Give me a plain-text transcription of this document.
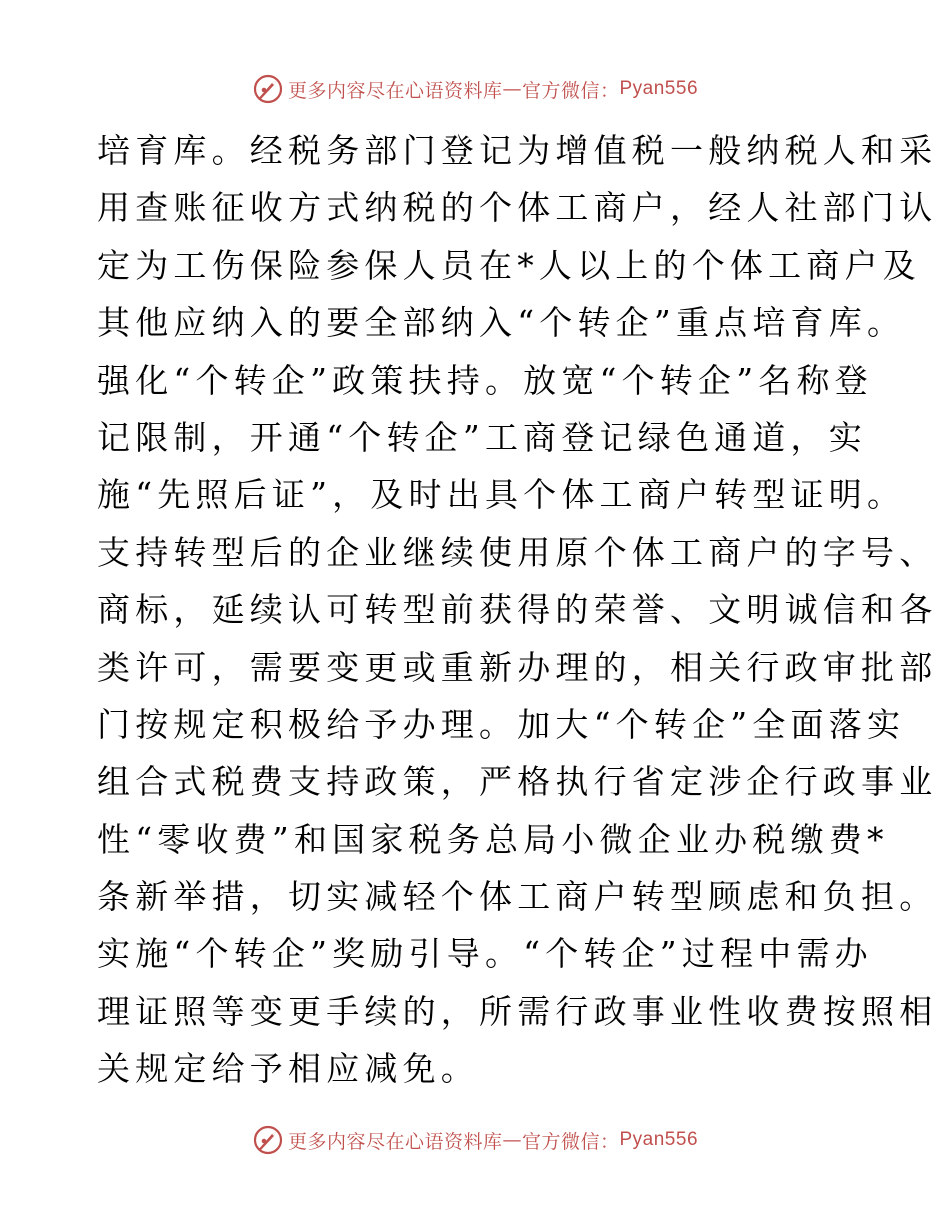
更多内容尽在心语资料库 — 官方微信： Pyan556
培育库。经税务部门登记为增值税一般纳税人和采
用查账征收方式纳税的个体工商户，经人社部门认
定为工伤保险参保人员在*人以上的个体工商户及
其他应纳入的要全部纳入“个转企”重点培育库。
强化“个转企”政策扶持。放宽“个转企”名称登
记限制，开通“个转企”工商登记绿色通道，实
施“先照后证”，及时出具个体工商户转型证明。
支持转型后的企业继续使用原个体工商户的字号、
商标，延续认可转型前获得的荣誉、文明诚信和各
类许可，需要变更或重新办理的，相关行政审批部
门按规定积极给予办理。加大“个转企”全面落实
组合式税费支持政策，严格执行省定涉企行政事业
性“零收费”和国家税务总局小微企业办税缴费*
条新举措，切实减轻个体工商户转型顾虑和负担。
实施“个转企”奖励引导。“个转企”过程中需办
理证照等变更手续的，所需行政事业性收费按照相
关规定给予相应减免。
更多内容尽在心语资料库 — 官方微信： Pyan556
